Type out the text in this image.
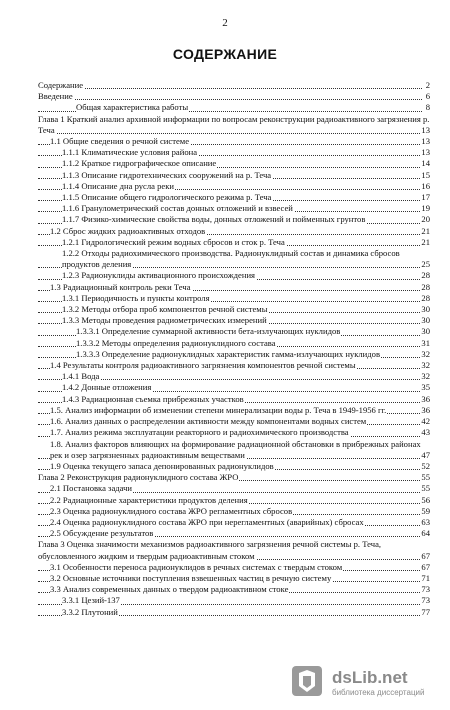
2
СОДЕРЖАНИЕ
Содержание	2
Введение	6
Общая характеристика работы	8
Глава 1 Краткий анализ архивной информации по вопросам реконструкции радиоактивного загрязнения р. Теча	13
1.1 Общие сведения о речной системе	13
1.1.1 Климатические условия района	13
1.1.2 Краткое гидрографическое описание	14
1.1.3 Описание гидротехнических сооружений на р. Теча	15
1.1.4 Описание дна русла реки	16
1.1.5 Описание общего гидрологического режима р. Теча	17
1.1.6 Гранулометрический состав донных отложений и взвесей	19
1.1.7 Физико-химические свойства воды, донных отложений и пойменных грунтов	20
1.2 Сброс жидких радиоактивных отходов	21
1.2.1 Гидрологический режим водных сбросов и сток р. Теча	21
1.2.2 Отходы радиохимического производства. Радионуклидный состав и динамика сбросов продуктов деления	25
1.2.3 Радионуклиды активационного происхождения	28
1.3 Радиационный контроль реки Теча	28
1.3.1 Периодичность и пункты контроля	28
1.3.2 Методы отбора проб компонентов речной системы	30
1.3.3 Методы проведения радиометрических измерений	30
1.3.3.1 Определение суммарной активности бета-излучающих нуклидов	30
1.3.3.2 Методы определения радионуклидного состава	31
1.3.3.3 Определение радионуклидных характеристик гамма-излучающих нуклидов	32
1.4 Результаты контроля радиоактивного загрязнения компонентов речной системы	32
1.4.1 Вода	32
1.4.2 Донные отложения	35
1.4.3 Радиационная съемка прибрежных участков	36
1.5. Анализ информации об изменении степени минерализации воды р. Теча в 1949-1956 гг.	36
1.6. Анализ данных о распределении активности между компонентами водных систем	42
1.7. Анализ режима эксплуатации реакторного и радиохимического производства	43
1.8. Анализ факторов влияющих на формирование радиационной обстановки в прибрежных районах рек и озер загрязненных радиоактивным веществами	47
1.9 Оценка текущего запаса депонированных радионуклидов	52
Глава 2 Реконструкция радионуклидного состава ЖРО	55
2.1 Постановка задачи	55
2.2 Радиационные характеристики продуктов деления	56
2.3 Оценка радионуклидного состава ЖРО регламентных сбросов	59
2.4 Оценка радионуклидного состава ЖРО при нерегламентных (аварийных) сбросах	63
2.5 Обсуждение результатов	64
Глава 3 Оценка значимости механизмов радиоактивного загрязнения речной системы р. Теча, обусловленного жидким и твердым радиоактивным стоком	67
3.1 Особенности переноса радионуклидов в речных системах с твердым стоком	67
3.2 Основные источники поступления взвешенных частиц в речную систему	71
3.3 Анализ современных данных о твердом радиоактивном стоке	73
3.3.1 Цезий-137	73
3.3.2 Плутоний	77
dsLib.net
библиотека диссертаций
